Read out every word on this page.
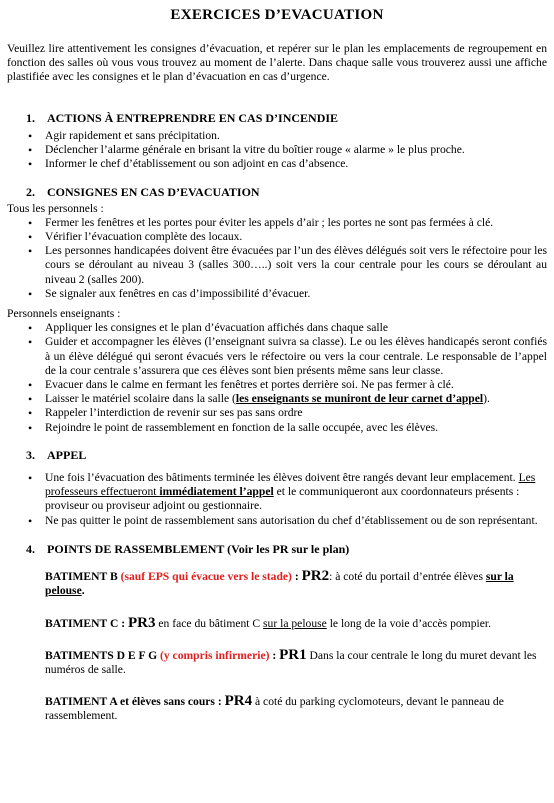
EXERCICES D’EVACUATION
Veuillez lire attentivement les consignes d’évacuation, et repérer sur le plan les emplacements de regroupement en fonction des salles où vous vous trouvez au moment de l’alerte. Dans chaque salle vous trouverez aussi une affiche plastifiée avec les consignes et le plan d’évacuation en cas d’urgence.
1.	ACTIONS À ENTREPRENDRE EN CAS D’INCENDIE
• Agir rapidement et sans précipitation.
• Déclencher l’alarme générale en brisant la vitre du boîtier rouge « alarme » le plus proche.
• Informer le chef d’établissement ou son adjoint en cas d’absence.
2.	CONSIGNES EN CAS D’EVACUATION
Tous les personnels :
• Fermer les fenêtres et les portes pour éviter les appels d’air ; les portes ne sont pas fermées à clé.
• Vérifier l’évacuation complète des locaux.
• Les personnes handicapées doivent être évacuées par l’un des élèves délégués soit vers le réfectoire pour les cours se déroulant au niveau 3 (salles 300…..) soit vers la cour centrale pour les cours se déroulant au niveau 2 (salles 200).
• Se signaler aux fenêtres en cas d’impossibilité d’évacuer.
Personnels enseignants :
• Appliquer les consignes et le plan d’évacuation affichés dans chaque salle
• Guider et accompagner les élèves (l’enseignant suivra sa classe). Le ou les élèves handicapés seront confiés à un élève délégué qui seront évacués vers le réfectoire ou vers la cour centrale. Le responsable de l’appel de la cour centrale s’assurera que ces élèves sont bien présents même sans leur classe.
• Evacuer dans le calme en fermant les fenêtres et portes derrière soi. Ne pas fermer à clé.
• Laisser le matériel scolaire dans la salle (les enseignants se muniront de leur carnet d’appel).
• Rappeler l’interdiction de revenir sur ses pas sans ordre
• Rejoindre le point de rassemblement en fonction de la salle occupée, avec les élèves.
3.	APPEL
• Une fois l’évacuation des bâtiments terminée les élèves doivent être rangés devant leur emplacement. Les professeurs effectueront immédiatement l’appel et le communiqueront aux coordonnateurs présents : proviseur ou proviseur adjoint ou gestionnaire.
• Ne pas quitter le point de rassemblement sans autorisation du chef d’établissement ou de son représentant.
4.	POINTS DE RASSEMBLEMENT (Voir les PR sur le plan)
BATIMENT B (sauf EPS qui évacue vers le stade) : PR2: à coté du portail d’entrée élèves sur la pelouse.
BATIMENT C : PR3 en face du bâtiment C sur la pelouse le long de la voie d’accès pompier.
BATIMENTS D E F G (y compris infirmerie) : PR1 Dans la cour centrale le long du muret devant les numéros de salle.
BATIMENT A et élèves sans cours : PR4 à coté du parking cyclomoteurs, devant le panneau de rassemblement.
